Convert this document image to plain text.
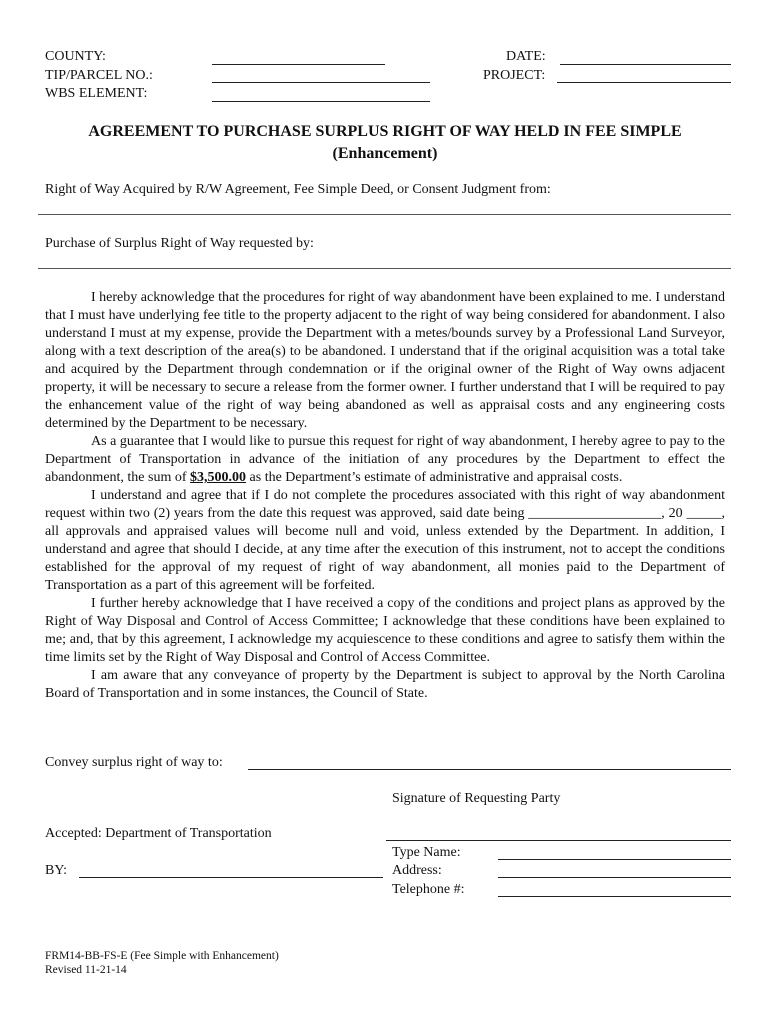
COUNTY:
TIP/PARCEL NO.:
WBS ELEMENT:
DATE:
PROJECT:
AGREEMENT TO PURCHASE SURPLUS RIGHT OF WAY HELD IN FEE SIMPLE
(Enhancement)
Right of Way Acquired by R/W Agreement, Fee Simple Deed, or Consent Judgment from:
Purchase of Surplus Right of Way requested by:

I hereby acknowledge that the procedures for right of way abandonment have been explained to me. I understand that I must have underlying fee title to the property adjacent to the right of way being considered for abandonment. I also understand I must at my expense, provide the Department with a metes/bounds survey by a Professional Land Surveyor, along with a text description of the area(s) to be abandoned. I understand that if the original acquisition was a total take and acquired by the Department through condemnation or if the original owner of the Right of Way owns adjacent property, it will be necessary to secure a release from the former owner. I further understand that I will be required to pay the enhancement value of the right of way being abandoned as well as appraisal costs and any engineering costs determined by the Department to be necessary.

As a guarantee that I would like to pursue this request for right of way abandonment, I hereby agree to pay to the Department of Transportation in advance of the initiation of any procedures by the Department to effect the abandonment, the sum of $3,500.00 as the Department’s estimate of administrative and appraisal costs.

I understand and agree that if I do not complete the procedures associated with this right of way abandonment request within two (2) years from the date this request was approved, said date being ___________________, 20 _____, all approvals and appraised values will become null and void, unless extended by the Department. In addition, I understand and agree that should I decide, at any time after the execution of this instrument, not to accept the conditions established for the approval of my request of right of way abandonment, all monies paid to the Department of Transportation as a part of this agreement will be forfeited.

I further hereby acknowledge that I have received a copy of the conditions and project plans as approved by the Right of Way Disposal and Control of Access Committee; I acknowledge that these conditions have been explained to me; and, that by this agreement, I acknowledge my acquiescence to these conditions and agree to satisfy them within the time limits set by the Right of Way Disposal and Control of Access Committee.

I am aware that any conveyance of property by the Department is subject to approval by the North Carolina Board of Transportation and in some instances, the Council of State.

Convey surplus right of way to:
Signature of Requesting Party
Accepted: Department of Transportation
Type Name:
BY:	Address:
Telephone #:
FRM14-BB-FS-E (Fee Simple with Enhancement)
Revised 11-21-14
